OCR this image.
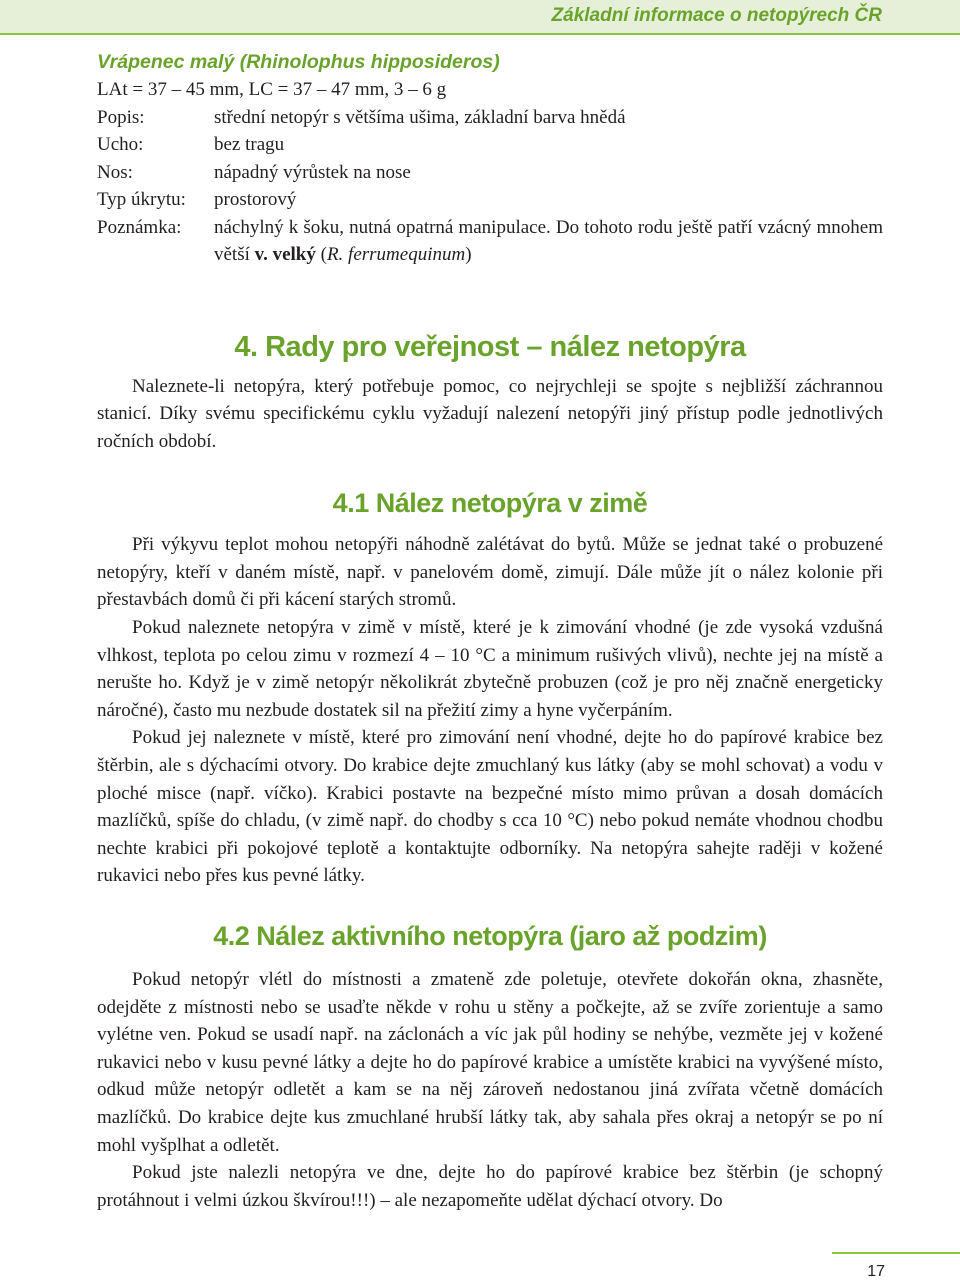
Základní informace o netopýrech ČR
Vrápenec malý (Rhinolophus hipposideros)
LAt = 37 – 45 mm, LC = 37 – 47 mm, 3 – 6 g
Popis:	střední netopýr s většíma ušima, základní barva hnědá
Ucho:	bez tragu
Nos:	nápadný výrůstek na nose
Typ úkrytu:	prostorový
Poznámka:	náchylný k šoku, nutná opatrná manipulace. Do tohoto rodu ještě patří vzácný mnohem větší v. velký (R. ferrumequinum)
4. Rady pro veřejnost – nález netopýra

Naleznete-li netopýra, který potřebuje pomoc, co nejrychleji se spojte s nejbližší záchrannou stanicí. Díky svému specifickému cyklu vyžadují nalezení netopýři jiný přístup podle jednotlivých ročních období.

4.1 Nález netopýra v zimě

Při výkyvu teplot mohou netopýři náhodně zalétávat do bytů. Může se jednat také o probuzené netopýry, kteří v daném místě, např. v panelovém domě, zimují. Dále může jít o nález kolonie při přestavbách domů či při kácení starých stromů.

Pokud naleznete netopýra v zimě v místě, které je k zimování vhodné (je zde vysoká vzdušná vlhkost, teplota po celou zimu v rozmezí 4 – 10 °C a minimum rušivých vlivů), nechte jej na místě a nerušte ho. Když je v zimě netopýr několikrát zbytečně probuzen (což je pro něj značně energeticky náročné), často mu nezbude dostatek sil na přežití zimy a hyne vyčerpáním.

Pokud jej naleznete v místě, které pro zimování není vhodné, dejte ho do papírové krabice bez štěrbin, ale s dýchacími otvory. Do krabice dejte zmuchlaný kus látky (aby se mohl schovat) a vodu v ploché misce (např. víčko). Krabici postavte na bezpečné místo mimo průvan a dosah domácích mazlíčků, spíše do chladu, (v zimě např. do chodby s cca 10 °C) nebo pokud nemáte vhodnou chodbu nechte krabici při pokojové teplotě a kontaktujte odborníky. Na netopýra sahejte raději v kožené rukavici nebo přes kus pevné látky.

4.2 Nález aktivního netopýra (jaro až podzim)

Pokud netopýr vlétl do místnosti a zmateně zde poletuje, otevřete dokořán okna, zhasněte, odejděte z místnosti nebo se usaďte někde v rohu u stěny a počkejte, až se zvíře zorientuje a samo vylétne ven. Pokud se usadí např. na záclonách a víc jak půl hodiny se nehýbe, vezměte jej v kožené rukavici nebo v kusu pevné látky a dejte ho do papírové krabice a umístěte krabici na vyvýšené místo, odkud může netopýr odletět a kam se na něj zároveň nedostanou jiná zvířata včetně domácích mazlíčků. Do krabice dejte kus zmuchlané hrubší látky tak, aby sahala přes okraj a netopýr se po ní mohl vyšplhat a odletět.

Pokud jste nalezli netopýra ve dne, dejte ho do papírové krabice bez štěrbin (je schopný protáhnout i velmi úzkou škvírou!!!) – ale nezapomeňte udělat dýchací otvory. Do

17
